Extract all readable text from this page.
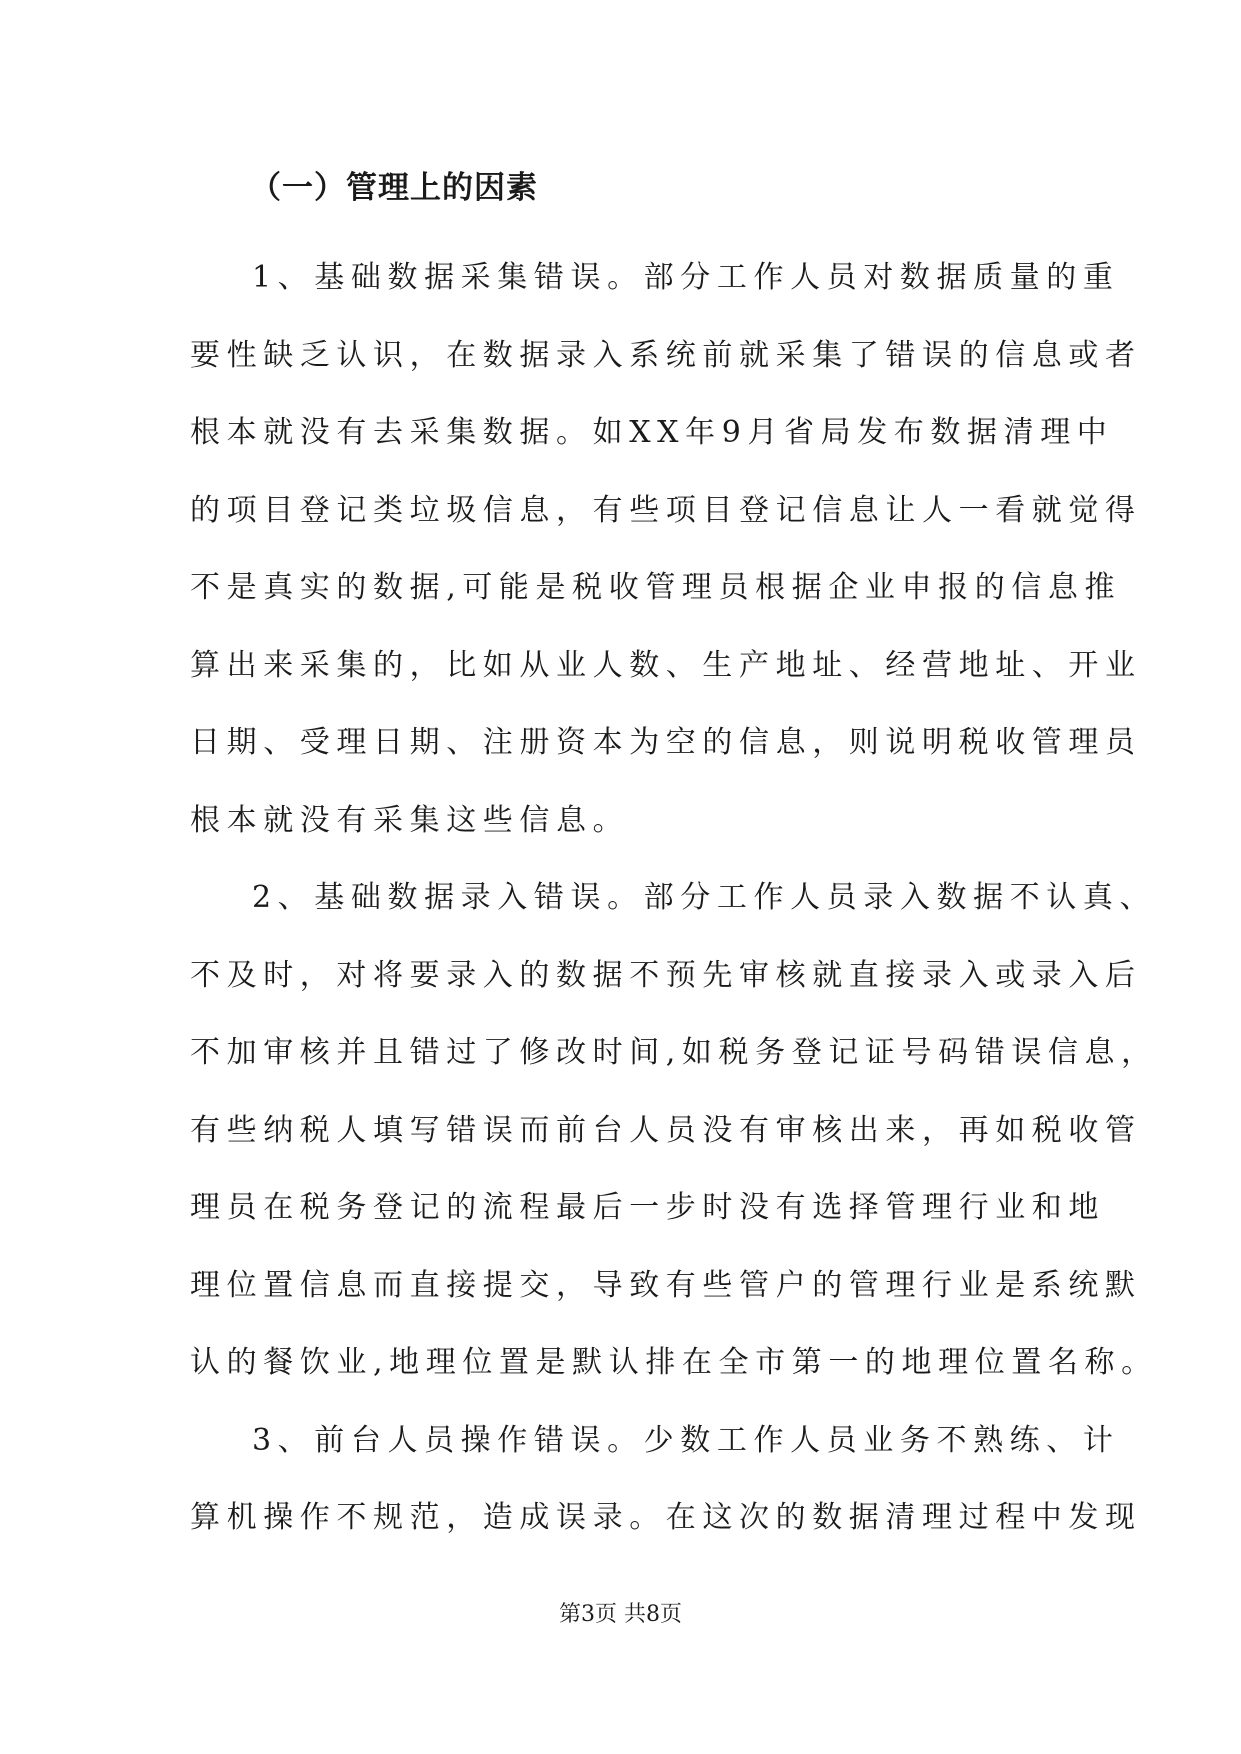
（一）管理上的因素
1、基础数据采集错误。部分工作人员对数据质量的重
要性缺乏认识，在数据录入系统前就采集了错误的信息或者
根本就没有去采集数据。如XX年9月省局发布数据清理中
的项目登记类垃圾信息，有些项目登记信息让人一看就觉得
不是真实的数据,可能是税收管理员根据企业申报的信息推
算出来采集的，比如从业人数、生产地址、经营地址、开业
日期、受理日期、注册资本为空的信息，则说明税收管理员
根本就没有采集这些信息。
2、基础数据录入错误。部分工作人员录入数据不认真、
不及时，对将要录入的数据不预先审核就直接录入或录入后
不加审核并且错过了修改时间,如税务登记证号码错误信息，
有些纳税人填写错误而前台人员没有审核出来，再如税收管
理员在税务登记的流程最后一步时没有选择管理行业和地
理位置信息而直接提交，导致有些管户的管理行业是系统默
认的餐饮业,地理位置是默认排在全市第一的地理位置名称。
3、前台人员操作错误。少数工作人员业务不熟练、计
算机操作不规范，造成误录。在这次的数据清理过程中发现
第3页 共8页
